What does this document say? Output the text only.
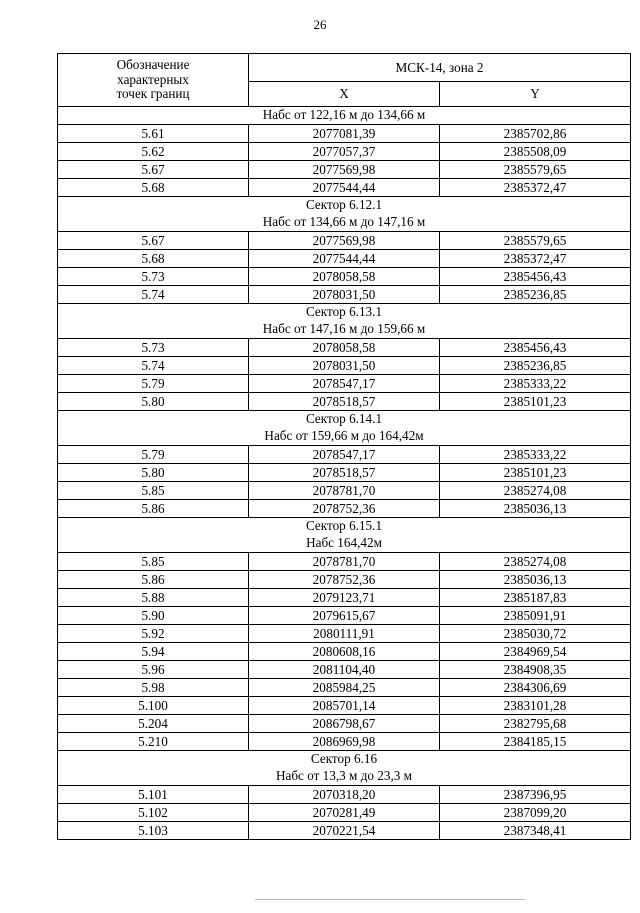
26
Обозначение
характерных
точек границ	МСК-14, зона 2	
	X	Y

Набс от 122,16 м до 134,66 м		

5.61	2077081,39	2385702,86
5.62	2077057,37	2385508,09
5.67	2077569,98	2385579,65
5.68	2077544,44	2385372,47

Сектор 6.12.1
Набс от 134,66 м до 147,16 м		

5.67	2077569,98	2385579,65
5.68	2077544,44	2385372,47
5.73	2078058,58	2385456,43
5.74	2078031,50	2385236,85

Сектор 6.13.1
Набс от 147,16 м до 159,66 м		

5.73	2078058,58	2385456,43
5.74	2078031,50	2385236,85
5.79	2078547,17	2385333,22
5.80	2078518,57	2385101,23

Сектор 6.14.1
Набс от 159,66 м до 164,42м		

5.79	2078547,17	2385333,22
5.80	2078518,57	2385101,23
5.85	2078781,70	2385274,08
5.86	2078752,36	2385036,13

Сектор 6.15.1
Набс 164,42м		

5.85	2078781,70	2385274,08
5.86	2078752,36	2385036,13
5.88	2079123,71	2385187,83
5.90	2079615,67	2385091,91
5.92	2080111,91	2385030,72
5.94	2080608,16	2384969,54
5.96	2081104,40	2384908,35
5.98	2085984,25	2384306,69
5.100	2085701,14	2383101,28
5.204	2086798,67	2382795,68
5.210	2086969,98	2384185,15

Сектор 6.16
Набс от 13,3 м до 23,3 м		

5.101	2070318,20	2387396,95
5.102	2070281,49	2387099,20
5.103	2070221,54	2387348,41
